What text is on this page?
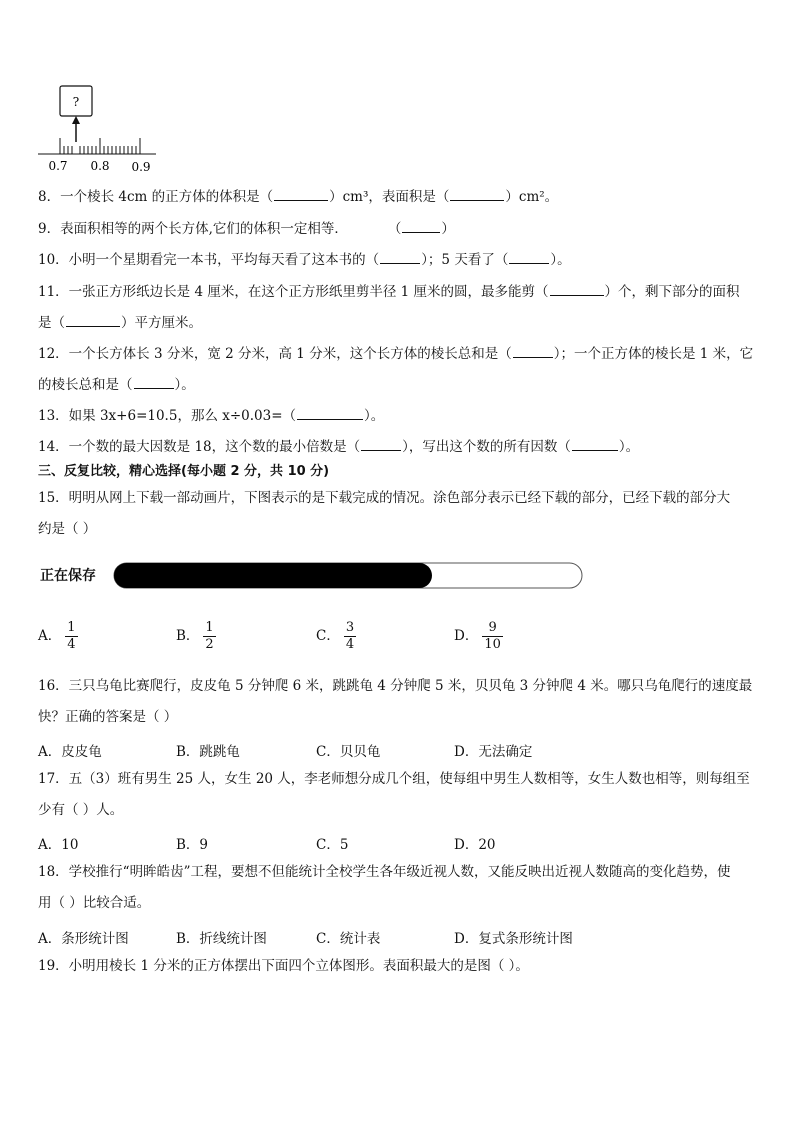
?
0.7 0.8 0.9
8．一个棱长 4cm 的正方体的体积是（	）cm³，表面积是（	）cm²。
9．表面积相等的两个长方体,它们的体积一定相等．	（	）
10．小明一个星期看完一本书，平均每天看了这本书的（	）；5 天看了（	）。
11．一张正方形纸边长是 4 厘米，在这个正方形纸里剪半径 1 厘米的圆，最多能剪（	）个，剩下部分的面积
是（	）平方厘米。
12．一个长方体长 3 分米，宽 2 分米，高 1 分米，这个长方体的棱长总和是（	）；一个正方体的棱长是 1 米，它
的棱长总和是（	）。
13．如果 3x+6=10.5，那么 x÷0.03=（	）。
14．一个数的最大因数是 18，这个数的最小倍数是（	），写出这个数的所有因数（	）。
三、反复比较，精心选择(每小题 2 分，共 10 分)
15．明明从网上下载一部动画片，下图表示的是下载完成的情况。涂色部分表示已经下载的部分，已经下载的部分大
约是（ ）
正在保存
A． $\frac{1}{4}$	B． $\frac{1}{2}$	C． $\frac{3}{4}$	D． $\frac{9}{10}$
16．三只乌龟比赛爬行，皮皮龟 5 分钟爬 6 米，跳跳龟 4 分钟爬 5 米，贝贝龟 3 分钟爬 4 米。哪只乌龟爬行的速度最
快？正确的答案是（ ）
A．皮皮龟	B．跳跳龟	C．贝贝龟	D．无法确定
17．五（3）班有男生 25 人，女生 20 人，李老师想分成几个组，使每组中男生人数相等，女生人数也相等，则每组至
少有（ ）人。
A．10	B．9	C．5	D．20
18．学校推行“明眸皓齿”工程，要想不但能统计全校学生各年级近视人数，又能反映出近视人数随高的变化趋势，使
用（ ）比较合适。
A．条形统计图	B．折线统计图	C．统计表	D．复式条形统计图
19．小明用棱长 1 分米的正方体摆出下面四个立体图形。表面积最大的是图（ ）。
